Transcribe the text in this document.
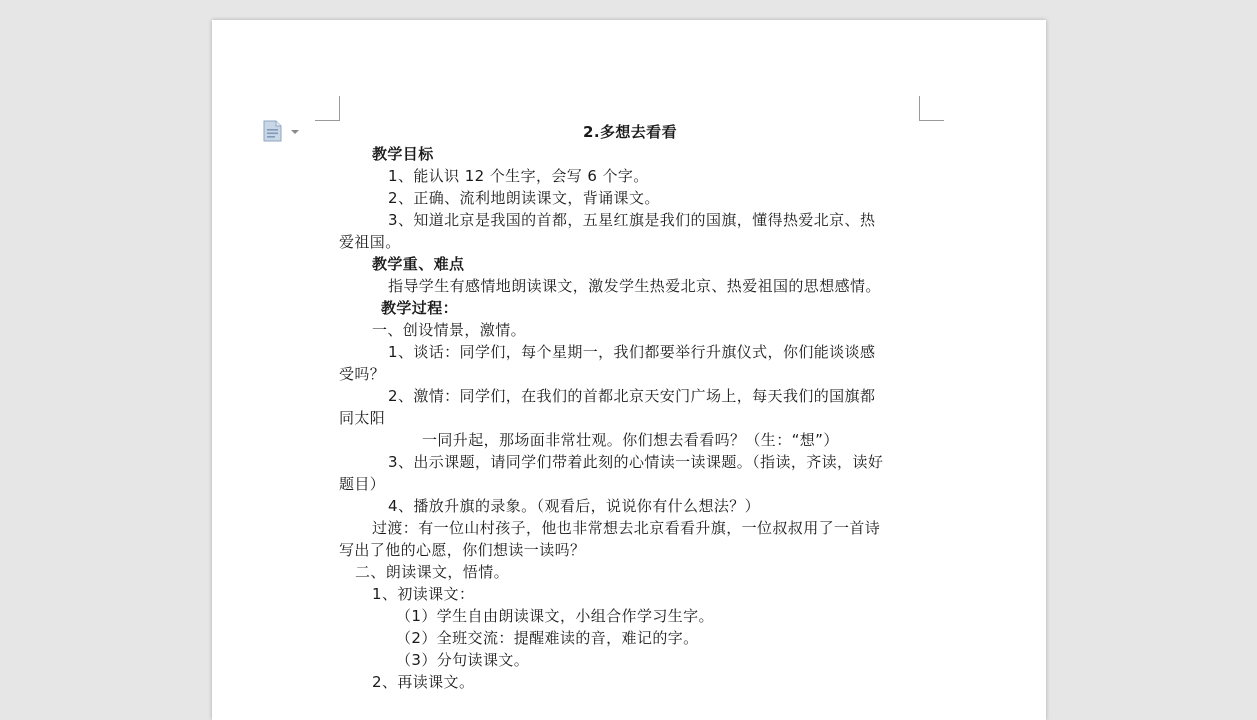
2.多想去看看
教学目标
1、能认识 12 个生字，会写 6 个字。
2、正确、流利地朗读课文，背诵课文。
3、知道北京是我国的首都，五星红旗是我们的国旗，懂得热爱北京、热
爱祖国。
教学重、难点
指导学生有感情地朗读课文，激发学生热爱北京、热爱祖国的思想感情。
教学过程：
一、创设情景，激情。
1、谈话：同学们，每个星期一，我们都要举行升旗仪式，你们能谈谈感
受吗？
2、激情：同学们，在我们的首都北京天安门广场上，每天我们的国旗都
同太阳
一同升起，那场面非常壮观。你们想去看看吗？（生：“想”）
3、出示课题，请同学们带着此刻的心情读一读课题。（指读，齐读，读好
题目）
4、播放升旗的录象。（观看后，说说你有什么想法？）
过渡：有一位山村孩子，他也非常想去北京看看升旗，一位叔叔用了一首诗
写出了他的心愿，你们想读一读吗？
二、朗读课文，悟情。
1、初读课文：
（1）学生自由朗读课文，小组合作学习生字。
（2）全班交流：提醒难读的音，难记的字。
（3）分句读课文。
2、再读课文。
